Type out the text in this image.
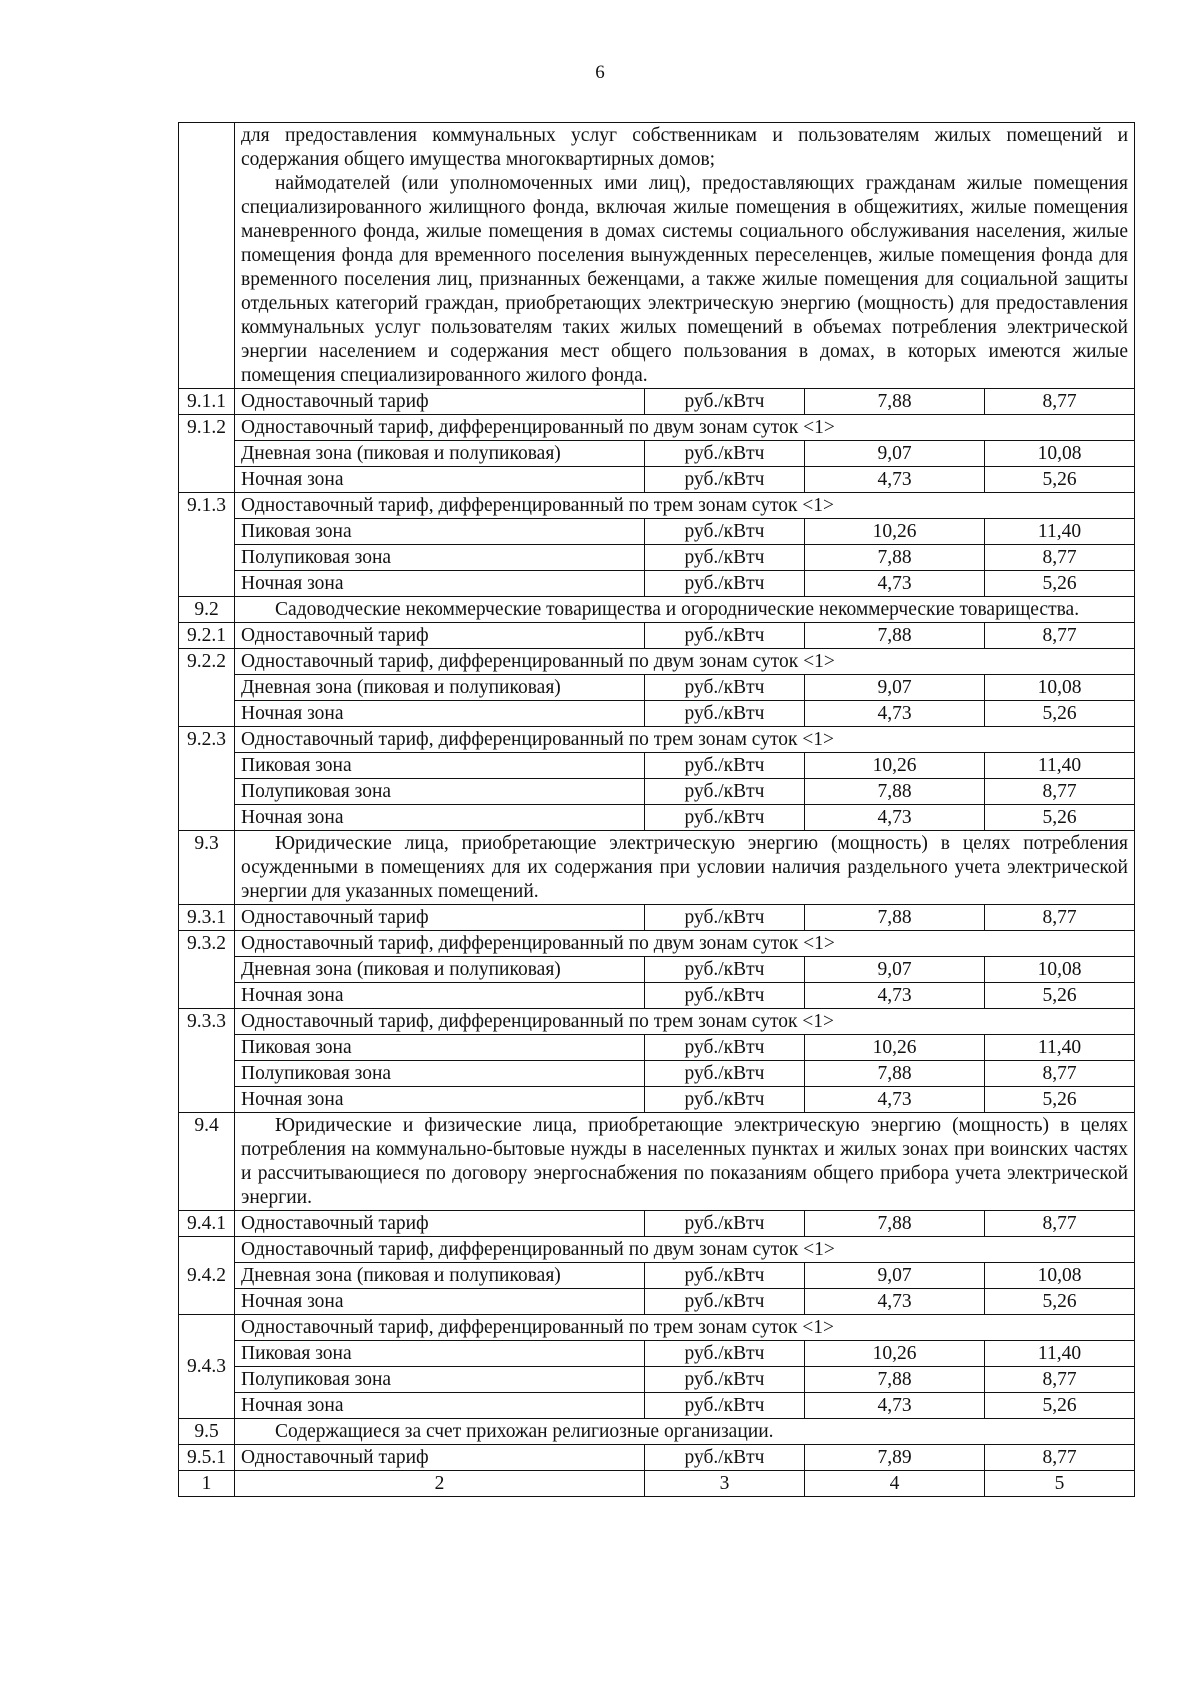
6

	для предоставления коммунальных услуг собственникам и пользователям жилых помещений и содержания общего имущества многоквартирных домов;
наймодателей (или уполномоченных ими лиц), предоставляющих гражданам жилые помещения специализированного жилищного фонда, включая жилые помещения в общежитиях, жилые помещения маневренного фонда, жилые помещения в домах системы социального обслуживания населения, жилые помещения фонда для временного поселения вынужденных переселенцев, жилые помещения фонда для временного поселения лиц, признанных беженцами, а также жилые помещения для социальной защиты отдельных категорий граждан, приобретающих электрическую энергию (мощность) для предоставления коммунальных услуг пользователям таких жилых помещений в объемах потребления электрической энергии населением и содержания мест общего пользования в домах, в которых имеются жилые помещения специализированного жилого фонда.			

9.1.1	Одноставочный тариф	руб./кВтч	7,88	8,77
9.1.2	Одноставочный тариф, дифференцированный по двум зонам суток <1>			
	Дневная зона (пиковая и полупиковая)	руб./кВтч	9,07	10,08
	Ночная зона	руб./кВтч	4,73	5,26
9.1.3	Одноставочный тариф, дифференцированный по трем зонам суток <1>			
	Пиковая зона	руб./кВтч	10,26	11,40
	Полупиковая зона	руб./кВтч	7,88	8,77
	Ночная зона	руб./кВтч	4,73	5,26
9.2	Садоводческие некоммерческие товарищества и огороднические некоммерческие товарищества.			
9.2.1	Одноставочный тариф	руб./кВтч	7,88	8,77
9.2.2	Одноставочный тариф, дифференцированный по двум зонам суток <1>			
	Дневная зона (пиковая и полупиковая)	руб./кВтч	9,07	10,08
	Ночная зона	руб./кВтч	4,73	5,26
9.2.3	Одноставочный тариф, дифференцированный по трем зонам суток <1>			
	Пиковая зона	руб./кВтч	10,26	11,40
	Полупиковая зона	руб./кВтч	7,88	8,77
	Ночная зона	руб./кВтч	4,73	5,26
9.3	Юридические лица, приобретающие электрическую энергию (мощность) в целях потребления осужденными в помещениях для их содержания при условии наличия раздельного учета электрической энергии для указанных помещений.			
9.3.1	Одноставочный тариф	руб./кВтч	7,88	8,77
9.3.2	Одноставочный тариф, дифференцированный по двум зонам суток <1>			
	Дневная зона (пиковая и полупиковая)	руб./кВтч	9,07	10,08
	Ночная зона	руб./кВтч	4,73	5,26
9.3.3	Одноставочный тариф, дифференцированный по трем зонам суток <1>			
	Пиковая зона	руб./кВтч	10,26	11,40
	Полупиковая зона	руб./кВтч	7,88	8,77
	Ночная зона	руб./кВтч	4,73	5,26
9.4	Юридические и физические лица, приобретающие электрическую энергию (мощность) в целях потребления на коммунально-бытовые нужды в населенных пунктах и жилых зонах при воинских частях и рассчитывающиеся по договору энергоснабжения по показаниям общего прибора учета электрической энергии.			
9.4.1	Одноставочный тариф	руб./кВтч	7,88	8,77
9.4.2	Одноставочный тариф, дифференцированный по двум зонам суток <1>			
	Дневная зона (пиковая и полупиковая)	руб./кВтч	9,07	10,08
	Ночная зона	руб./кВтч	4,73	5,26
9.4.3	Одноставочный тариф, дифференцированный по трем зонам суток <1>			
	Пиковая зона	руб./кВтч	10,26	11,40
	Полупиковая зона	руб./кВтч	7,88	8,77
	Ночная зона	руб./кВтч	4,73	5,26
9.5	Содержащиеся за счет прихожан религиозные организации.			
9.5.1	Одноставочный тариф	руб./кВтч	7,89	8,77
1	2	3	4	5
